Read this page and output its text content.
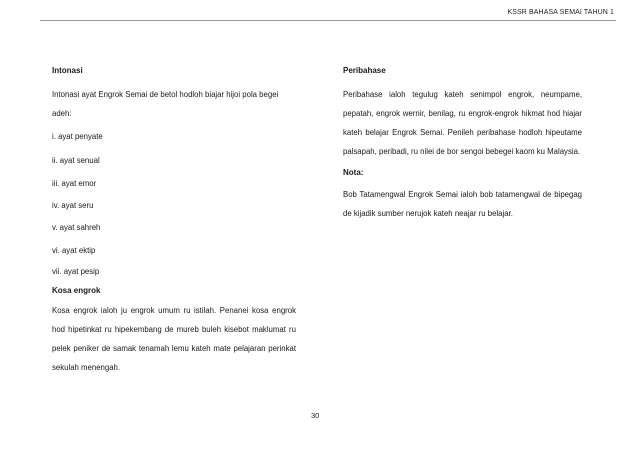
KSSR BAHASA SEMAI TAHUN 1

Intonasi

Intonasi ayat Engrok Semai de betol hodloh biajar hijoi pola begei adeh:

i. ayat penyate

ii. ayat senual

iii. ayat emor

iv. ayat seru

v. ayat sahreh

vi. ayat ektip

vii. ayat pesip

Kosa engrok

Kosa engrok ialoh ju engrok umum ru istilah. Penanei kosa engrok hod hipetinkat ru hipekembang de mureb buleh kisebot maklumat ru pelek peniker de samak tenamah lemu kateh mate pelajaran perinkat sekulah menengah.

Peribahase

Peribahase ialoh tegulug kateh senimpol engrok, neumpame, pepatah, engrok wernir, benilag, ru engrok-engrok hikmat hod hiajar kateh belajar Engrok Semai. Penileh peribahase hodloh hipeutame palsapah, peribadi, ru nilei de bor sengoi bebegei kaom ku Malaysia.

Nota:

Bob Tatamengwal Engrok Semai ialoh bob tatamengwal de bipegag de kijadik sumber nerujok kateh neajar ru belajar.

30
